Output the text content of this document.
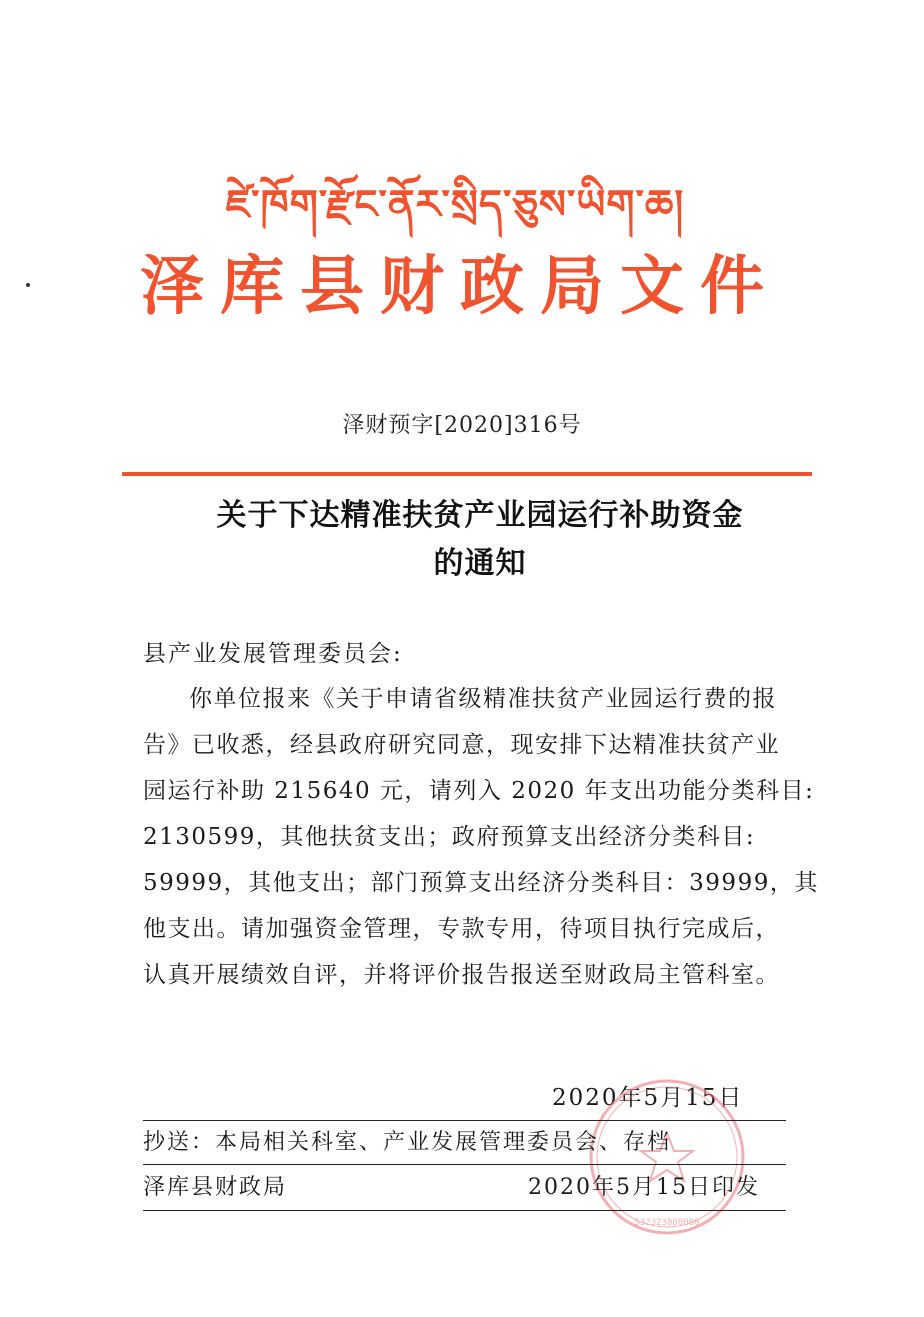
ཛེ་ཁོག་རྫོང་ནོར་སྲིད་ཅུས་ཡིག་ཆ།
泽库县财政局文件
泽财预字[2020]316号
关于下达精准扶贫产业园运行补助资金
的通知
县产业发展管理委员会:
你单位报来《关于申请省级精准扶贫产业园运行费的报
告》已收悉，经县政府研究同意，现安排下达精准扶贫产业
园运行补助 215640 元，请列入 2020 年支出功能分类科目:
2130599，其他扶贫支出；政府预算支出经济分类科目:
59999，其他支出；部门预算支出经济分类科目：39999，其
他支出。请加强资金管理，专款专用，待项目执行完成后，
认真开展绩效自评，并将评价报告报送至财政局主管科室。
2020年5月15日
532323000000
抄送：本局相关科室、产业发展管理委员会、存档
泽库县财政局	2020年5月15日印发
